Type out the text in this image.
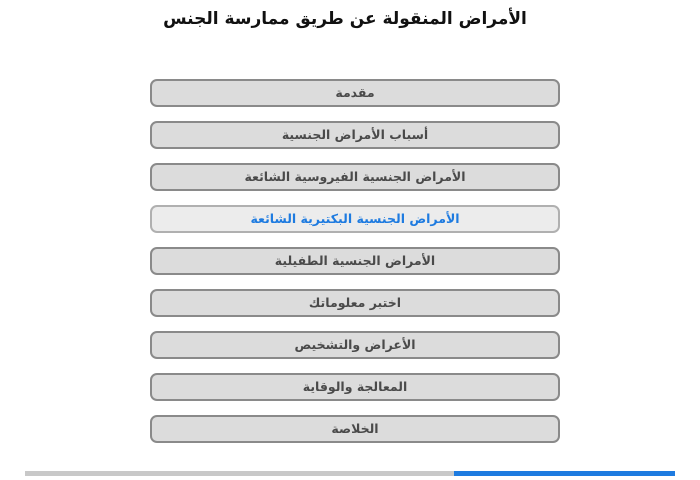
الأمراض المنقولة عن طريق ممارسة الجنس
مقدمة
أسباب الأمراض الجنسية
الأمراض الجنسية الفيروسية الشائعة
الأمراض الجنسية البكتيرية الشائعة
الأمراض الجنسية الطفيلية
اختبر معلوماتك
الأعراض والتشخيص
المعالجة والوقاية
الخلاصة
